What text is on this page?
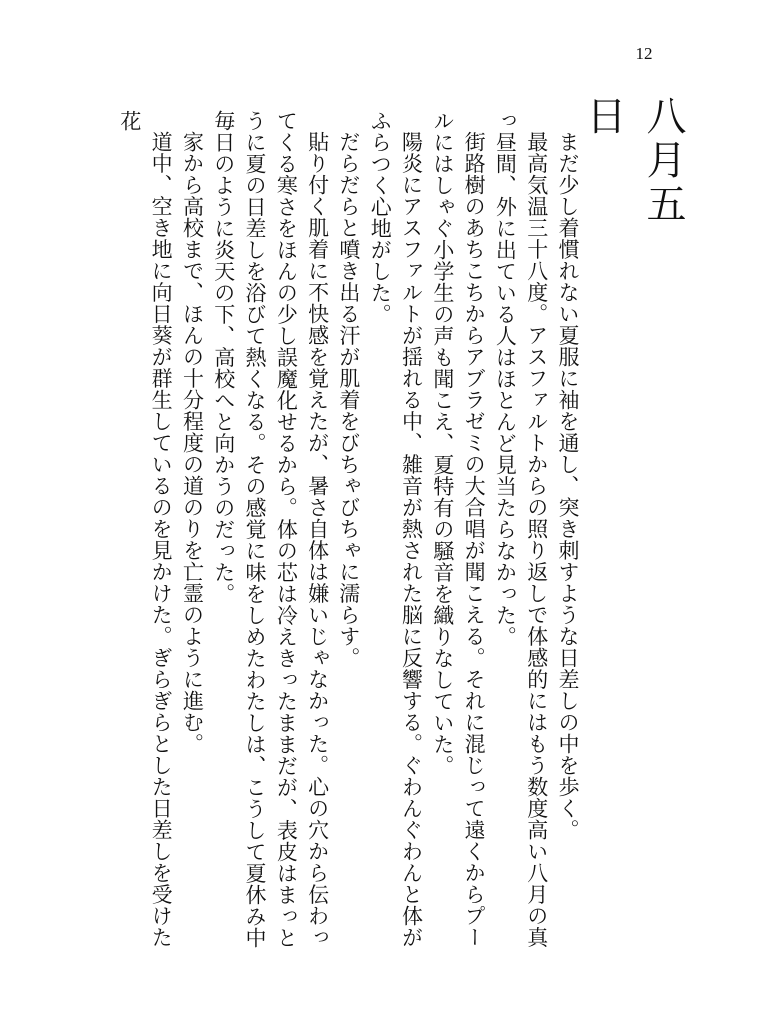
12
八月五日

まだ少し着慣れない夏服に袖を通し、突き刺すような日差しの中を歩く。

最高気温三十八度。アスファルトからの照り返しで体感的にはもう数度高い八月の真っ昼間、外に出ている人はほとんど見当たらなかった。

街路樹のあちこちからアブラゼミの大合唱が聞こえる。それに混じって遠くからプールにはしゃぐ小学生の声も聞こえ、夏特有の騒音を織りなしていた。

陽炎にアスファルトが揺れる中、雑音が熱された脳に反響する。ぐわんぐわんと体がふらつく心地がした。

だらだらと噴き出る汗が肌着をびちゃびちゃに濡らす。

貼り付く肌着に不快感を覚えたが、暑さ自体は嫌いじゃなかった。心の穴から伝わってくる寒さをほんの少し誤魔化せるから。体の芯は冷えきったままだが、表皮はまっとうに夏の日差しを浴びて熱くなる。その感覚に味をしめたわたしは、こうして夏休み中毎日のように炎天の下、高校へと向かうのだった。

家から高校まで、ほんの十分程度の道のりを亡霊のように進む。

道中、空き地に向日葵が群生しているのを見かけた。ぎらぎらとした日差しを受けた花
